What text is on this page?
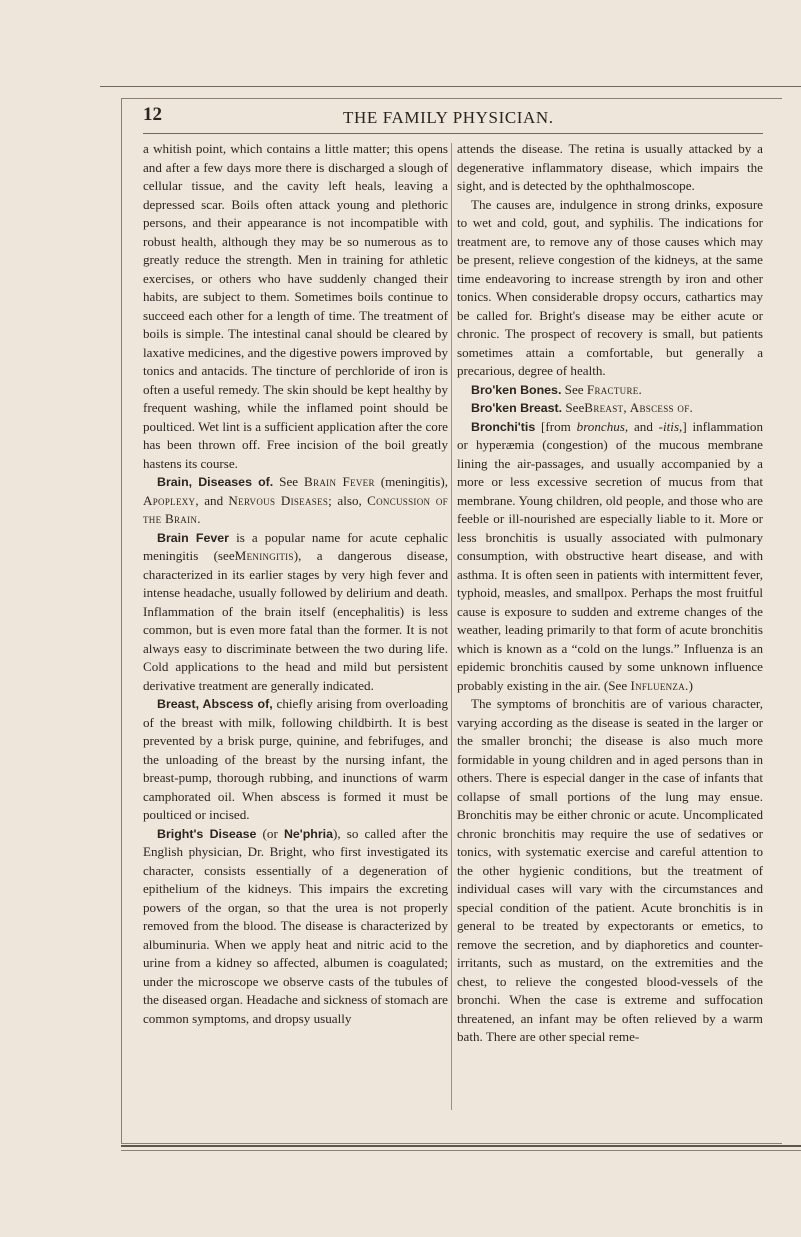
12	THE FAMILY PHYSICIAN.

a whitish point, which contains a little matter; this opens and after a few days more there is discharged a slough of cellular tissue, and the cavity left heals, leaving a depressed scar. Boils often attack young and plethoric persons, and their appearance is not incompatible with robust health, although they may be so numerous as to greatly reduce the strength. Men in training for athletic exercises, or others who have suddenly changed their habits, are subject to them. Sometimes boils continue to succeed each other for a length of time. The treatment of boils is simple. The intestinal canal should be cleared by laxative medicines, and the digestive powers improved by tonics and antacids. The tincture of perchloride of iron is often a useful remedy. The skin should be kept healthy by frequent washing, while the inflamed point should be poulticed. Wet lint is a sufficient application after the core has been thrown off. Free incision of the boil greatly hastens its course.

Brain, Diseases of. See Brain Fever (meningitis), Apoplexy, and Nervous Diseases; also, Concussion of the Brain.

Brain Fever is a popular name for acute cephalic meningitis (seeMeningitis), a dangerous disease, characterized in its earlier stages by very high fever and intense headache, usually followed by delirium and death. Inflammation of the brain itself (encephalitis) is less common, but is even more fatal than the former. It is not always easy to discriminate between the two during life. Cold applications to the head and mild but persistent derivative treatment are generally indicated.

Breast, Abscess of, chiefly arising from overloading of the breast with milk, following childbirth. It is best prevented by a brisk purge, quinine, and febrifuges, and the unloading of the breast by the nursing infant, the breast-pump, thorough rubbing, and inunctions of warm camphorated oil. When abscess is formed it must be poulticed or incised.

Bright's Disease (or Ne'phria), so called after the English physician, Dr. Bright, who first investigated its character, consists essentially of a degeneration of epithelium of the kidneys. This impairs the excreting powers of the organ, so that the urea is not properly removed from the blood. The disease is characterized by albuminuria. When we apply heat and nitric acid to the urine from a kidney so affected, albumen is coagulated; under the microscope we observe casts of the tubules of the diseased organ. Headache and sickness of stomach are common symptoms, and dropsy usually

attends the disease. The retina is usually attacked by a degenerative inflammatory disease, which impairs the sight, and is detected by the ophthalmoscope.

The causes are, indulgence in strong drinks, exposure to wet and cold, gout, and syphilis. The indications for treatment are, to remove any of those causes which may be present, relieve congestion of the kidneys, at the same time endeavoring to increase strength by iron and other tonics. When considerable dropsy occurs, cathartics may be called for. Bright's disease may be either acute or chronic. The prospect of recovery is small, but patients sometimes attain a comfortable, but generally a precarious, degree of health.

Bro'ken Bones. See Fracture.

Bro'ken Breast. SeeBreast, Abscess of.

Bronchi'tis [from bronchus, and -itis,] inflammation or hyperæmia (congestion) of the mucous membrane lining the air-passages, and usually accompanied by a more or less excessive secretion of mucus from that membrane. Young children, old people, and those who are feeble or ill-nourished are especially liable to it. More or less bronchitis is usually associated with pulmonary consumption, with obstructive heart disease, and with asthma. It is often seen in patients with intermittent fever, typhoid, measles, and smallpox. Perhaps the most fruitful cause is exposure to sudden and extreme changes of the weather, leading primarily to that form of acute bronchitis which is known as a “cold on the lungs.” Influenza is an epidemic bronchitis caused by some unknown influence probably existing in the air. (See Influenza.)

The symptoms of bronchitis are of various character, varying according as the disease is seated in the larger or the smaller bronchi; the disease is also much more formidable in young children and in aged persons than in others. There is especial danger in the case of infants that collapse of small portions of the lung may ensue. Bronchitis may be either chronic or acute. Uncomplicated chronic bronchitis may require the use of sedatives or tonics, with systematic exercise and careful attention to the other hygienic conditions, but the treatment of individual cases will vary with the circumstances and special condition of the patient. Acute bronchitis is in general to be treated by expectorants or emetics, to remove the secretion, and by diaphoretics and counter-irritants, such as mustard, on the extremities and the chest, to relieve the congested blood-vessels of the bronchi. When the case is extreme and suffocation threatened, an infant may be often relieved by a warm bath. There are other special reme-
